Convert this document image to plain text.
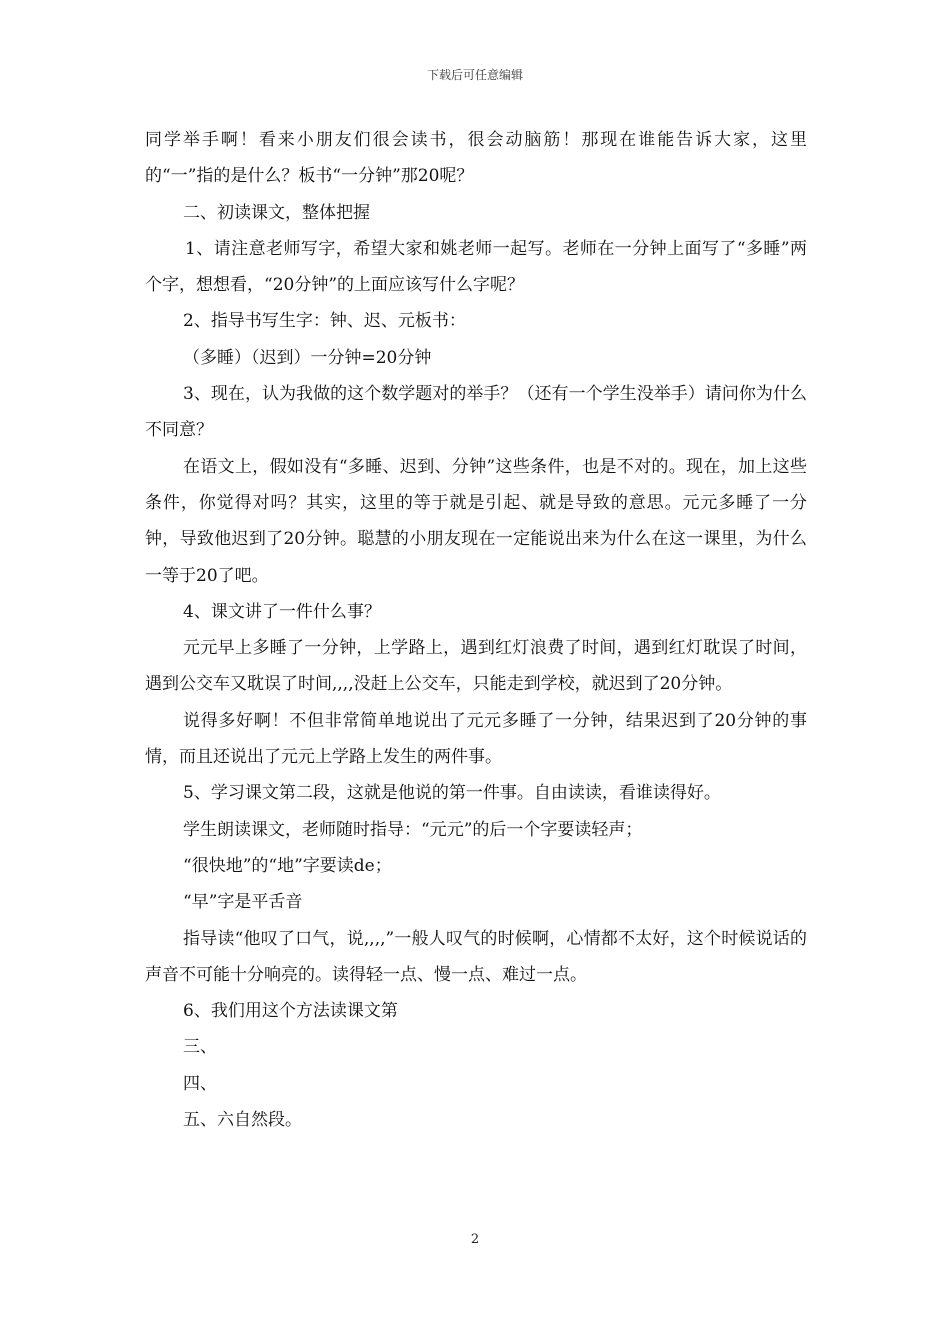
下载后可任意编辑

同学举手啊！看来小朋友们很会读书，很会动脑筋！那现在谁能告诉大家，这里的“一”指的是什么？板书“一分钟”那20呢？

二、初读课文，整体把握

1、请注意老师写字，希望大家和姚老师一起写。老师在一分钟上面写了“多睡”两个字，想想看，“20分钟”的上面应该写什么字呢？

2、指导书写生字：钟、迟、元板书：

（多睡）（迟到）一分钟=20分钟

3、现在，认为我做的这个数学题对的举手？（还有一个学生没举手）请问你为什么不同意？

在语文上，假如没有“多睡、迟到、分钟”这些条件，也是不对的。现在，加上这些条件，你觉得对吗？其实，这里的等于就是引起、就是导致的意思。元元多睡了一分钟，导致他迟到了20分钟。聪慧的小朋友现在一定能说出来为什么在这一课里，为什么一等于20了吧。

4、课文讲了一件什么事？

元元早上多睡了一分钟，上学路上，遇到红灯浪费了时间，遇到红灯耽误了时间，遇到公交车又耽误了时间,,,,没赶上公交车，只能走到学校，就迟到了20分钟。

说得多好啊！不但非常简单地说出了元元多睡了一分钟，结果迟到了20分钟的事情，而且还说出了元元上学路上发生的两件事。

5、学习课文第二段，这就是他说的第一件事。自由读读，看谁读得好。

学生朗读课文，老师随时指导：“元元”的后一个字要读轻声；

“很快地”的“地”字要读de；

“早”字是平舌音

指导读“他叹了口气，说,,,,”一般人叹气的时候啊，心情都不太好，这个时候说话的声音不可能十分响亮的。读得轻一点、慢一点、难过一点。

6、我们用这个方法读课文第

三、

四、

五、六自然段。

2
